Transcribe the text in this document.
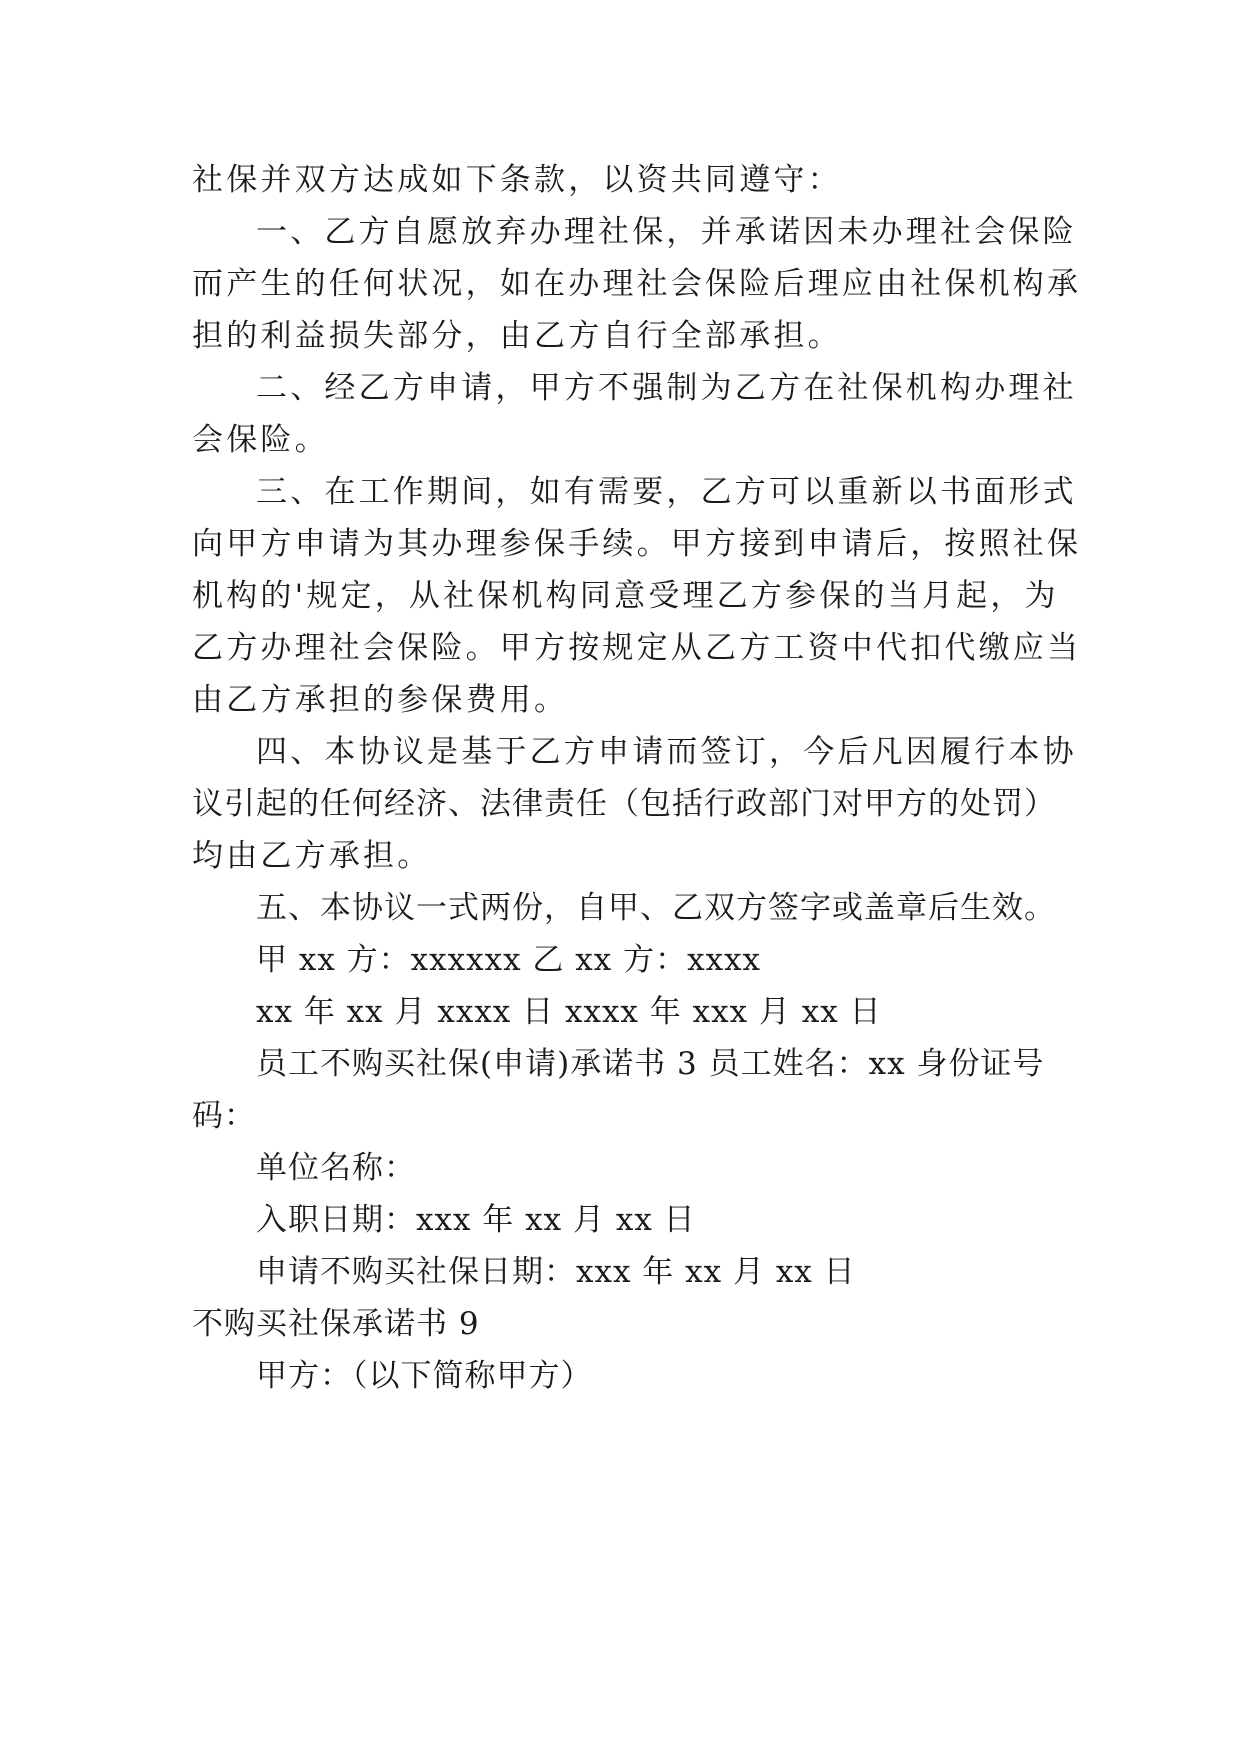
社保并双方达成如下条款，以资共同遵守：
一、乙方自愿放弃办理社保，并承诺因未办理社会保险
而产生的任何状况，如在办理社会保险后理应由社保机构承
担的利益损失部分，由乙方自行全部承担。
二、经乙方申请，甲方不强制为乙方在社保机构办理社
会保险。
三、在工作期间，如有需要，乙方可以重新以书面形式
向甲方申请为其办理参保手续。甲方接到申请后，按照社保
机构的'规定，从社保机构同意受理乙方参保的当月起，为
乙方办理社会保险。甲方按规定从乙方工资中代扣代缴应当
由乙方承担的参保费用。
四、本协议是基于乙方申请而签订，今后凡因履行本协
议引起的任何经济、法律责任（包括行政部门对甲方的处罚）
均由乙方承担。
五、本协议一式两份，自甲、乙双方签字或盖章后生效。
甲 xx 方：xxxxxx 乙 xx 方：xxxx
xx 年 xx 月 xxxx 日 xxxx 年 xxx 月 xx 日
员工不购买社保(申请)承诺书 3 员工姓名：xx 身份证号
码：
单位名称：
入职日期：xxx 年 xx 月 xx 日
申请不购买社保日期：xxx 年 xx 月 xx 日
不购买社保承诺书 9
甲方：（以下简称甲方）
